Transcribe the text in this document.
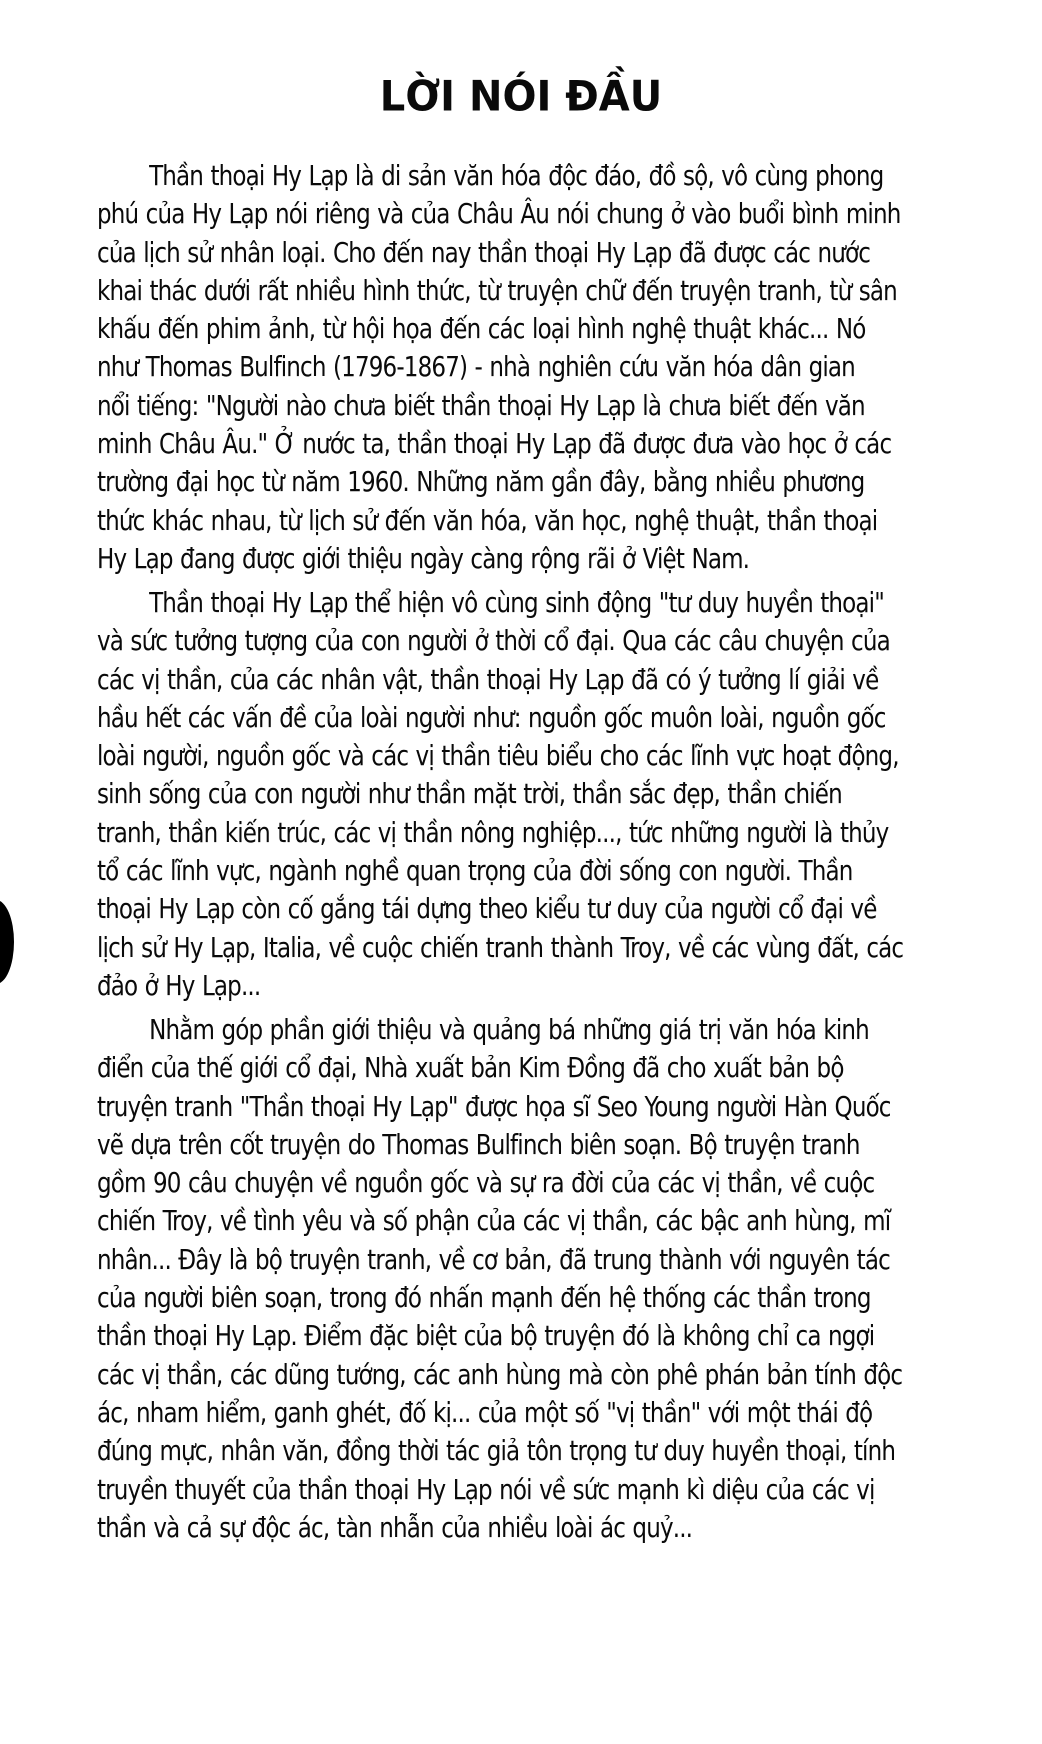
LỜI NÓI ĐẦU
Thần thoại Hy Lạp là di sản văn hóa độc đáo, đồ sộ, vô cùng phong
phú của Hy Lạp nói riêng và của Châu Âu nói chung ở vào buổi bình minh
của lịch sử nhân loại. Cho đến nay thần thoại Hy Lạp đã được các nước
khai thác dưới rất nhiều hình thức, từ truyện chữ đến truyện tranh, từ sân
khấu đến phim ảnh, từ hội họa đến các loại hình nghệ thuật khác... Nó
như Thomas Bulfinch (1796-1867) - nhà nghiên cứu văn hóa dân gian
nổi tiếng: "Người nào chưa biết thần thoại Hy Lạp là chưa biết đến văn
minh Châu Âu." Ở nước ta, thần thoại Hy Lạp đã được đưa vào học ở các
trường đại học từ năm 1960. Những năm gần đây, bằng nhiều phương
thức khác nhau, từ lịch sử đến văn hóa, văn học, nghệ thuật, thần thoại
Hy Lạp đang được giới thiệu ngày càng rộng rãi ở Việt Nam.
Thần thoại Hy Lạp thể hiện vô cùng sinh động "tư duy huyền thoại"
và sức tưởng tượng của con người ở thời cổ đại. Qua các câu chuyện của
các vị thần, của các nhân vật, thần thoại Hy Lạp đã có ý tưởng lí giải về
hầu hết các vấn đề của loài người như: nguồn gốc muôn loài, nguồn gốc
loài người, nguồn gốc và các vị thần tiêu biểu cho các lĩnh vực hoạt động,
sinh sống của con người như thần mặt trời, thần sắc đẹp, thần chiến
tranh, thần kiến trúc, các vị thần nông nghiệp..., tức những người là thủy
tổ các lĩnh vực, ngành nghề quan trọng của đời sống con người. Thần
thoại Hy Lạp còn cố gắng tái dựng theo kiểu tư duy của người cổ đại về
lịch sử Hy Lạp, Italia, về cuộc chiến tranh thành Troy, về các vùng đất, các
đảo ở Hy Lạp...
Nhằm góp phần giới thiệu và quảng bá những giá trị văn hóa kinh
điển của thế giới cổ đại, Nhà xuất bản Kim Đồng đã cho xuất bản bộ
truyện tranh "Thần thoại Hy Lạp" được họa sĩ Seo Young người Hàn Quốc
vẽ dựa trên cốt truyện do Thomas Bulfinch biên soạn. Bộ truyện tranh
gồm 90 câu chuyện về nguồn gốc và sự ra đời của các vị thần, về cuộc
chiến Troy, về tình yêu và số phận của các vị thần, các bậc anh hùng, mĩ
nhân... Đây là bộ truyện tranh, về cơ bản, đã trung thành với nguyên tác
của người biên soạn, trong đó nhấn mạnh đến hệ thống các thần trong
thần thoại Hy Lạp. Điểm đặc biệt của bộ truyện đó là không chỉ ca ngợi
các vị thần, các dũng tướng, các anh hùng mà còn phê phán bản tính độc
ác, nham hiểm, ganh ghét, đố kị... của một số "vị thần" với một thái độ
đúng mực, nhân văn, đồng thời tác giả tôn trọng tư duy huyền thoại, tính
truyền thuyết của thần thoại Hy Lạp nói về sức mạnh kì diệu của các vị
thần và cả sự độc ác, tàn nhẫn của nhiều loài ác quỷ...
